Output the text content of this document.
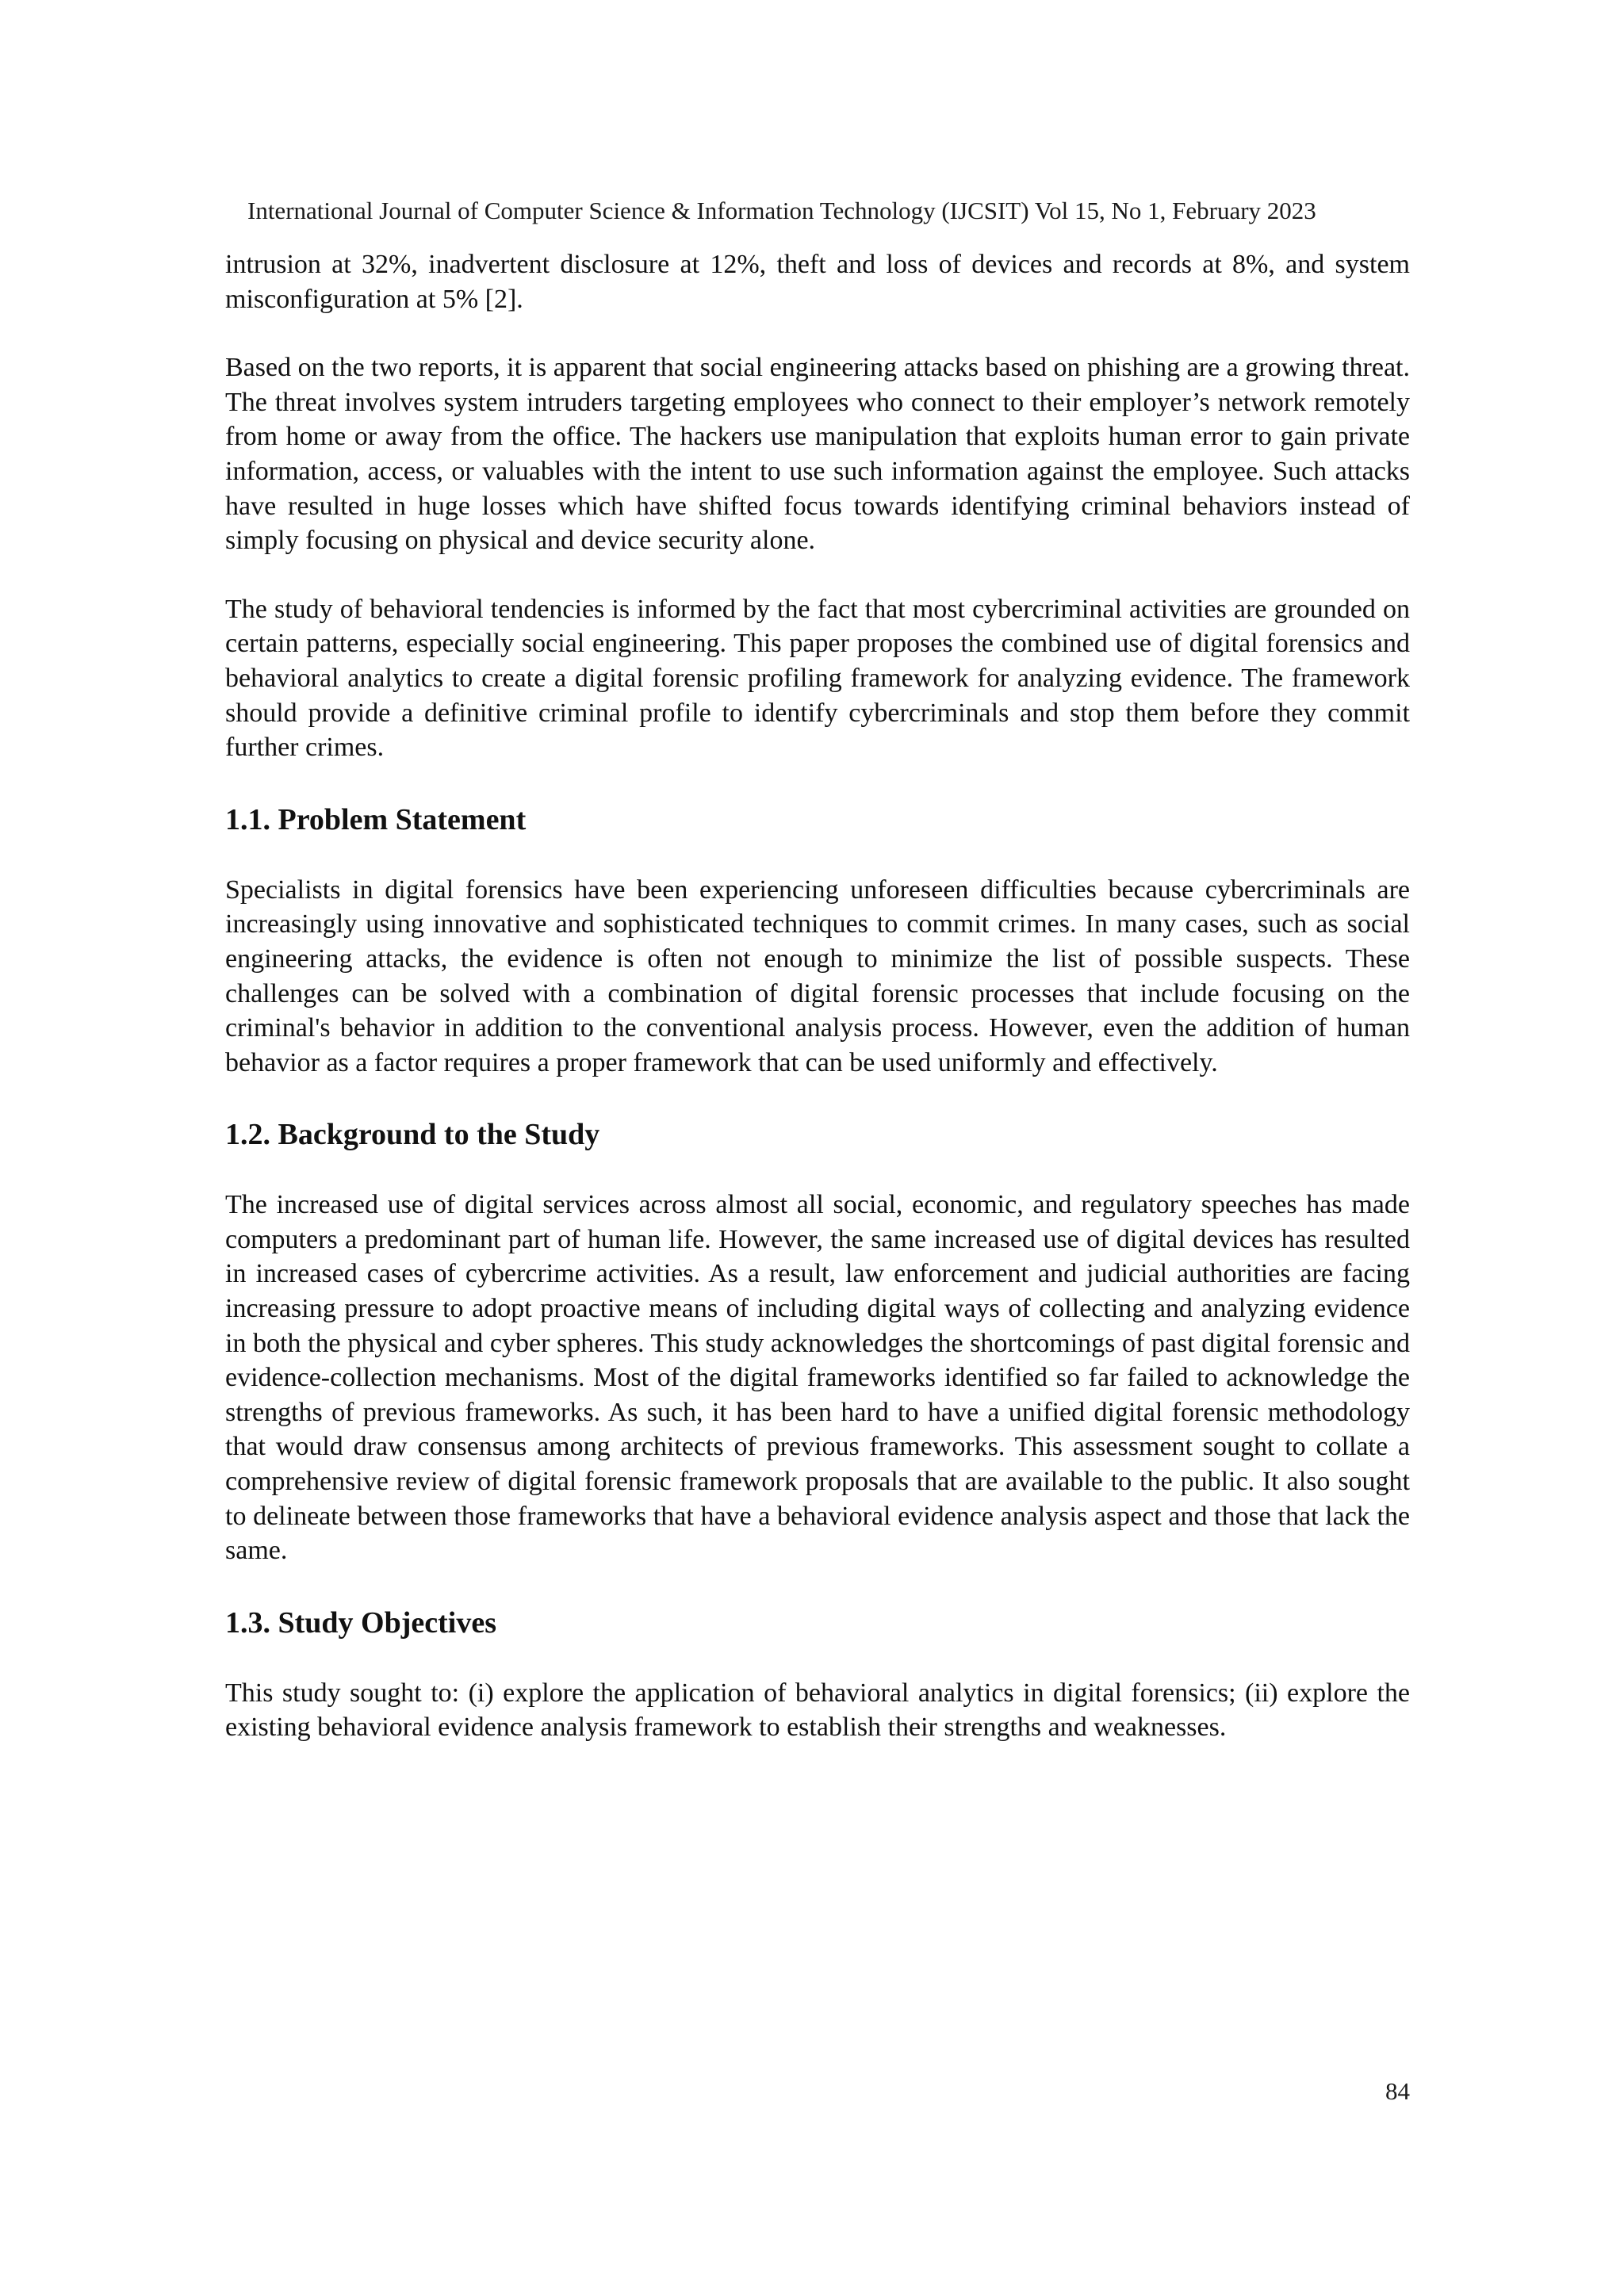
International Journal of Computer Science & Information Technology (IJCSIT) Vol 15, No 1, February 2023

intrusion at 32%, inadvertent disclosure at 12%, theft and loss of devices and records at 8%, and system misconfiguration at 5% [2].

Based on the two reports, it is apparent that social engineering attacks based on phishing are a growing threat. The threat involves system intruders targeting employees who connect to their employer’s network remotely from home or away from the office. The hackers use manipulation that exploits human error to gain private information, access, or valuables with the intent to use such information against the employee. Such attacks have resulted in huge losses which have shifted focus towards identifying criminal behaviors instead of simply focusing on physical and device security alone.

The study of behavioral tendencies is informed by the fact that most cybercriminal activities are grounded on certain patterns, especially social engineering. This paper proposes the combined use of digital forensics and behavioral analytics to create a digital forensic profiling framework for analyzing evidence. The framework should provide a definitive criminal profile to identify cybercriminals and stop them before they commit further crimes.

1.1. Problem Statement

Specialists in digital forensics have been experiencing unforeseen difficulties because cybercriminals are increasingly using innovative and sophisticated techniques to commit crimes. In many cases, such as social engineering attacks, the evidence is often not enough to minimize the list of possible suspects. These challenges can be solved with a combination of digital forensic processes that include focusing on the criminal's behavior in addition to the conventional analysis process. However, even the addition of human behavior as a factor requires a proper framework that can be used uniformly and effectively.

1.2. Background to the Study

The increased use of digital services across almost all social, economic, and regulatory speeches has made computers a predominant part of human life. However, the same increased use of digital devices has resulted in increased cases of cybercrime activities. As a result, law enforcement and judicial authorities are facing increasing pressure to adopt proactive means of including digital ways of collecting and analyzing evidence in both the physical and cyber spheres. This study acknowledges the shortcomings of past digital forensic and evidence-collection mechanisms. Most of the digital frameworks identified so far failed to acknowledge the strengths of previous frameworks. As such, it has been hard to have a unified digital forensic methodology that would draw consensus among architects of previous frameworks. This assessment sought to collate a comprehensive review of digital forensic framework proposals that are available to the public. It also sought to delineate between those frameworks that have a behavioral evidence analysis aspect and those that lack the same.

1.3. Study Objectives

This study sought to: (i) explore the application of behavioral analytics in digital forensics; (ii) explore the existing behavioral evidence analysis framework to establish their strengths and weaknesses.

84
